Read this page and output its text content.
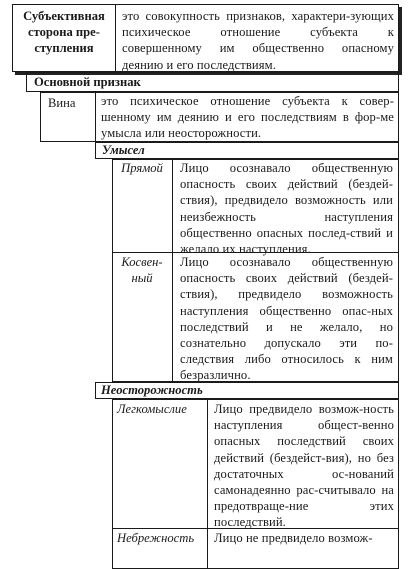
Субъективная сторона пре-ступления
это совокупность признаков, характери-зующих психическое отношение субъекта к совершенному им общественно опасному деянию и его последствиям.
Основной признак
Вина это психическое отношение субъекта к совер-шенному им деянию и его последствиям в фор-ме умысла или неосторожности.
Умысел
Прямой	Лицо осознавало общественную опасность своих действий (бездей-ствия), предвидело возможность или неизбежность наступления общественно опасных послед-ствий и желало их наступления.
Косвен-ный
Лицо осознавало общественную опасность своих действий (бездей-ствия), предвидело возможность наступления общественно опас-ных последствий и не желало, но сознательно допускало эти по-следствия либо относилось к ним безразлично.
Неосторожность
Легкомыслие Лицо предвидело возмож-ность наступления общест-венно опасных последствий своих действий (бездейст-вия), но без достаточных ос-нований самонадеянно рас-считывало на предотвраще-ние этих последствий.
Небрежность Лицо не предвидело возмож-
